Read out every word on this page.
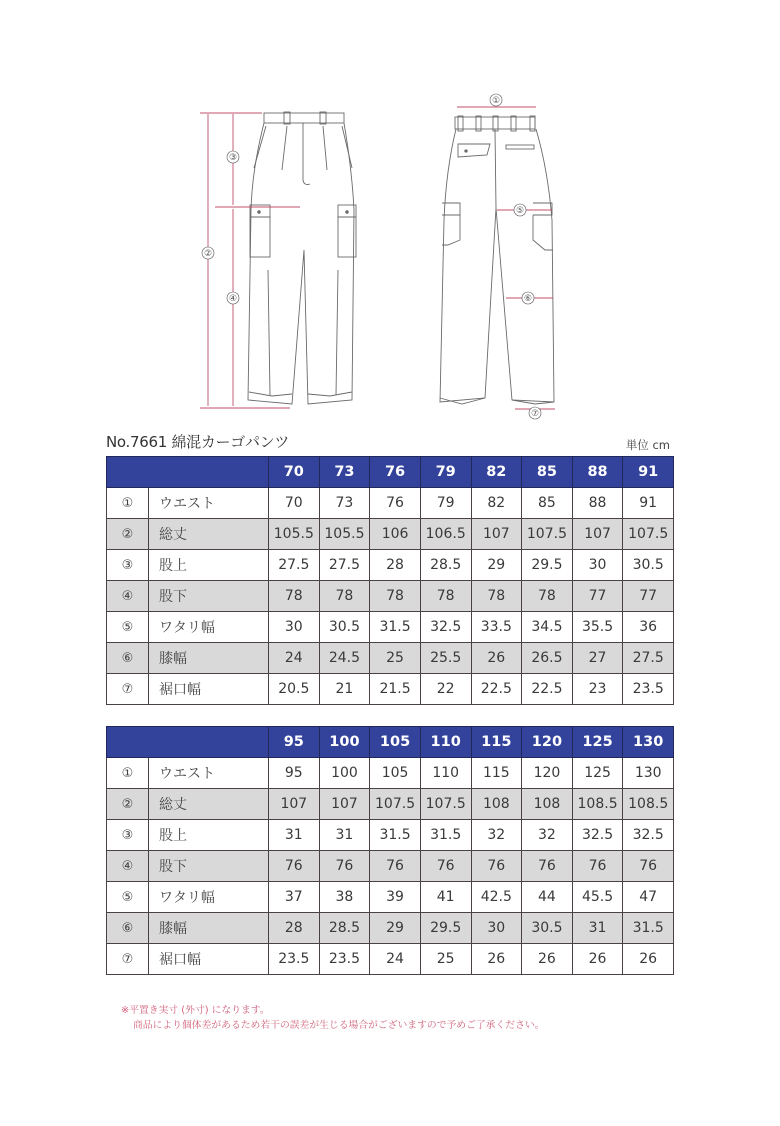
②
③
④
①
⑤
⑥
⑦
No.7661 綿混カーゴパンツ	単位 cm
		70	73	76	79	82	85	88	91
①	ウエスト	70	73	76	79	82	85	88	91
②	総丈	105.5	105.5	106	106.5	107	107.5	107	107.5
③	股上	27.5	27.5	28	28.5	29	29.5	30	30.5
④	股下	78	78	78	78	78	78	77	77
⑤	ワタリ幅	30	30.5	31.5	32.5	33.5	34.5	35.5	36
⑥	膝幅	24	24.5	25	25.5	26	26.5	27	27.5
⑦	裾口幅	20.5	21	21.5	22	22.5	22.5	23	23.5
		95	100	105	110	115	120	125	130
①	ウエスト	95	100	105	110	115	120	125	130
②	総丈	107	107	107.5	107.5	108	108	108.5	108.5
③	股上	31	31	31.5	31.5	32	32	32.5	32.5
④	股下	76	76	76	76	76	76	76	76
⑤	ワタリ幅	37	38	39	41	42.5	44	45.5	47
⑥	膝幅	28	28.5	29	29.5	30	30.5	31	31.5
⑦	裾口幅	23.5	23.5	24	25	26	26	26	26
※平置き実寸 (外寸) になります。
商品により個体差があるため若干の誤差が生じる場合がございますので予めご了承ください。
